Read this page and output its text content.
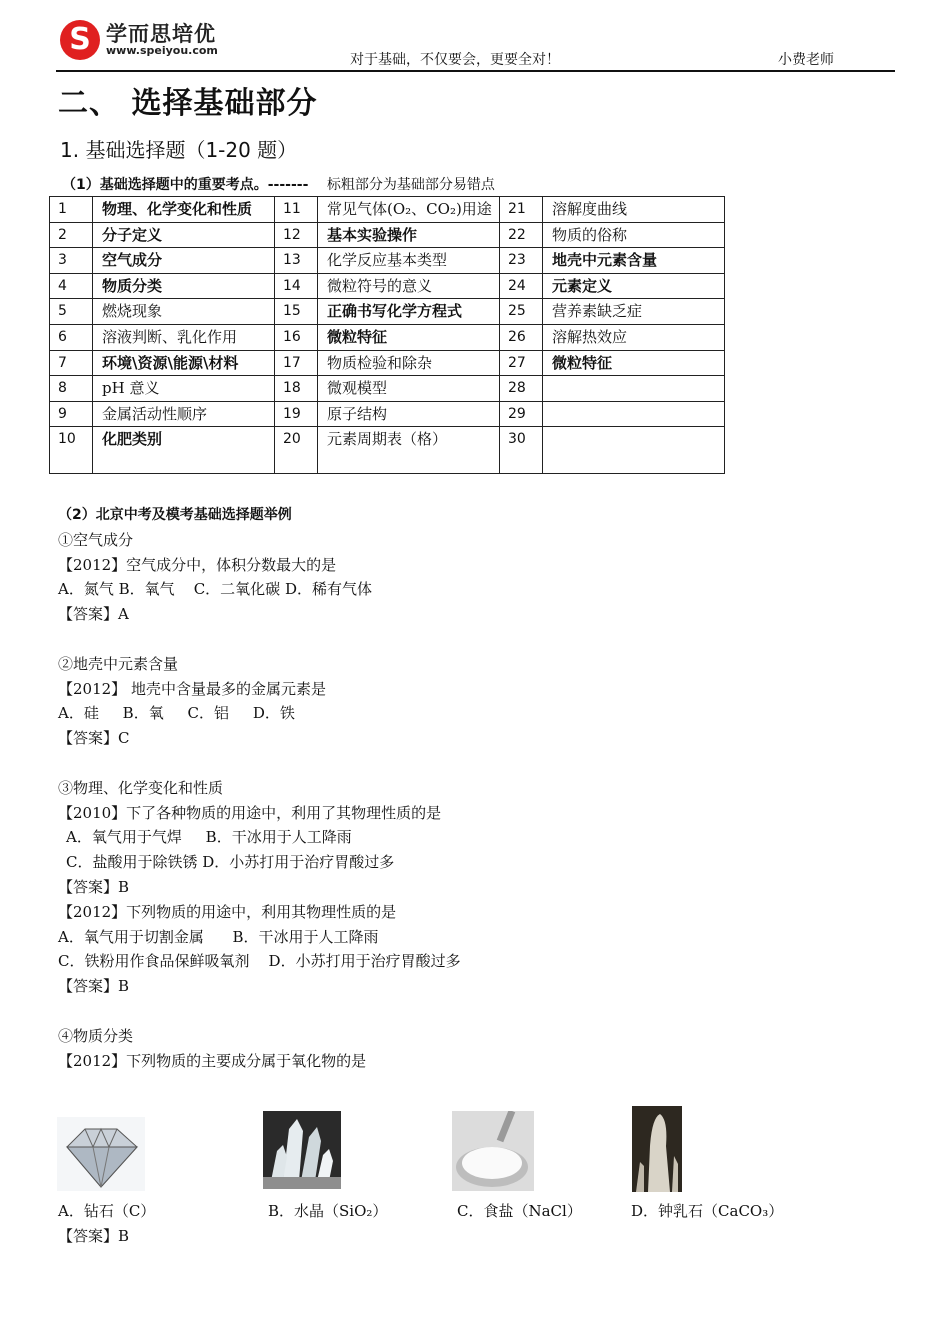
S 学而思培优
www.speiyou.com
对于基础，不仅要会，更要全对！	小费老师
二、 选择基础部分
1. 基础选择题（1-20 题）
（1）基础选择题中的重要考点。------- 标粗部分为基础部分易错点
1	物理、化学变化和性质	11	常见气体(O₂、CO₂)用途	21	溶解度曲线
2	分子定义	12	基本实验操作	22	物质的俗称
3	空气成分	13	化学反应基本类型	23	地壳中元素含量
4	物质分类	14	微粒符号的意义	24	元素定义
5	燃烧现象	15	正确书写化学方程式	25	营养素缺乏症
6	溶液判断、乳化作用	16	微粒特征	26	溶解热效应
7	环境\资源\能源\材料	17	物质检验和除杂	27	微粒特征
8	pH 意义	18	微观模型	28	
9	金属活动性顺序	19	原子结构	29	
10	化肥类别	20	元素周期表（格）	30	
（2）北京中考及模考基础选择题举例
①空气成分
【2012】空气成分中，体积分数最大的是
A．氮气 B．氧气    C．二氧化碳 D．稀有气体
【答案】A
②地壳中元素含量
【2012】 地壳中含量最多的金属元素是
A．硅     B．氧     C．铝     D．铁
【答案】C
③物理、化学变化和性质
【2010】下了各种物质的用途中，利用了其物理性质的是
A．氧气用于气焊     B．干冰用于人工降雨
C．盐酸用于除铁锈 D．小苏打用于治疗胃酸过多
【答案】B
【2012】下列物质的用途中，利用其物理性质的是
A．氧气用于切割金属      B．干冰用于人工降雨
C．铁粉用作食品保鲜吸氧剂    D．小苏打用于治疗胃酸过多
【答案】B
④物质分类
【2012】下列物质的主要成分属于氧化物的是
A．钻石（C）	B．水晶（SiO₂）	C．食盐（NaCl）	D．钟乳石（CaCO₃）
【答案】B
